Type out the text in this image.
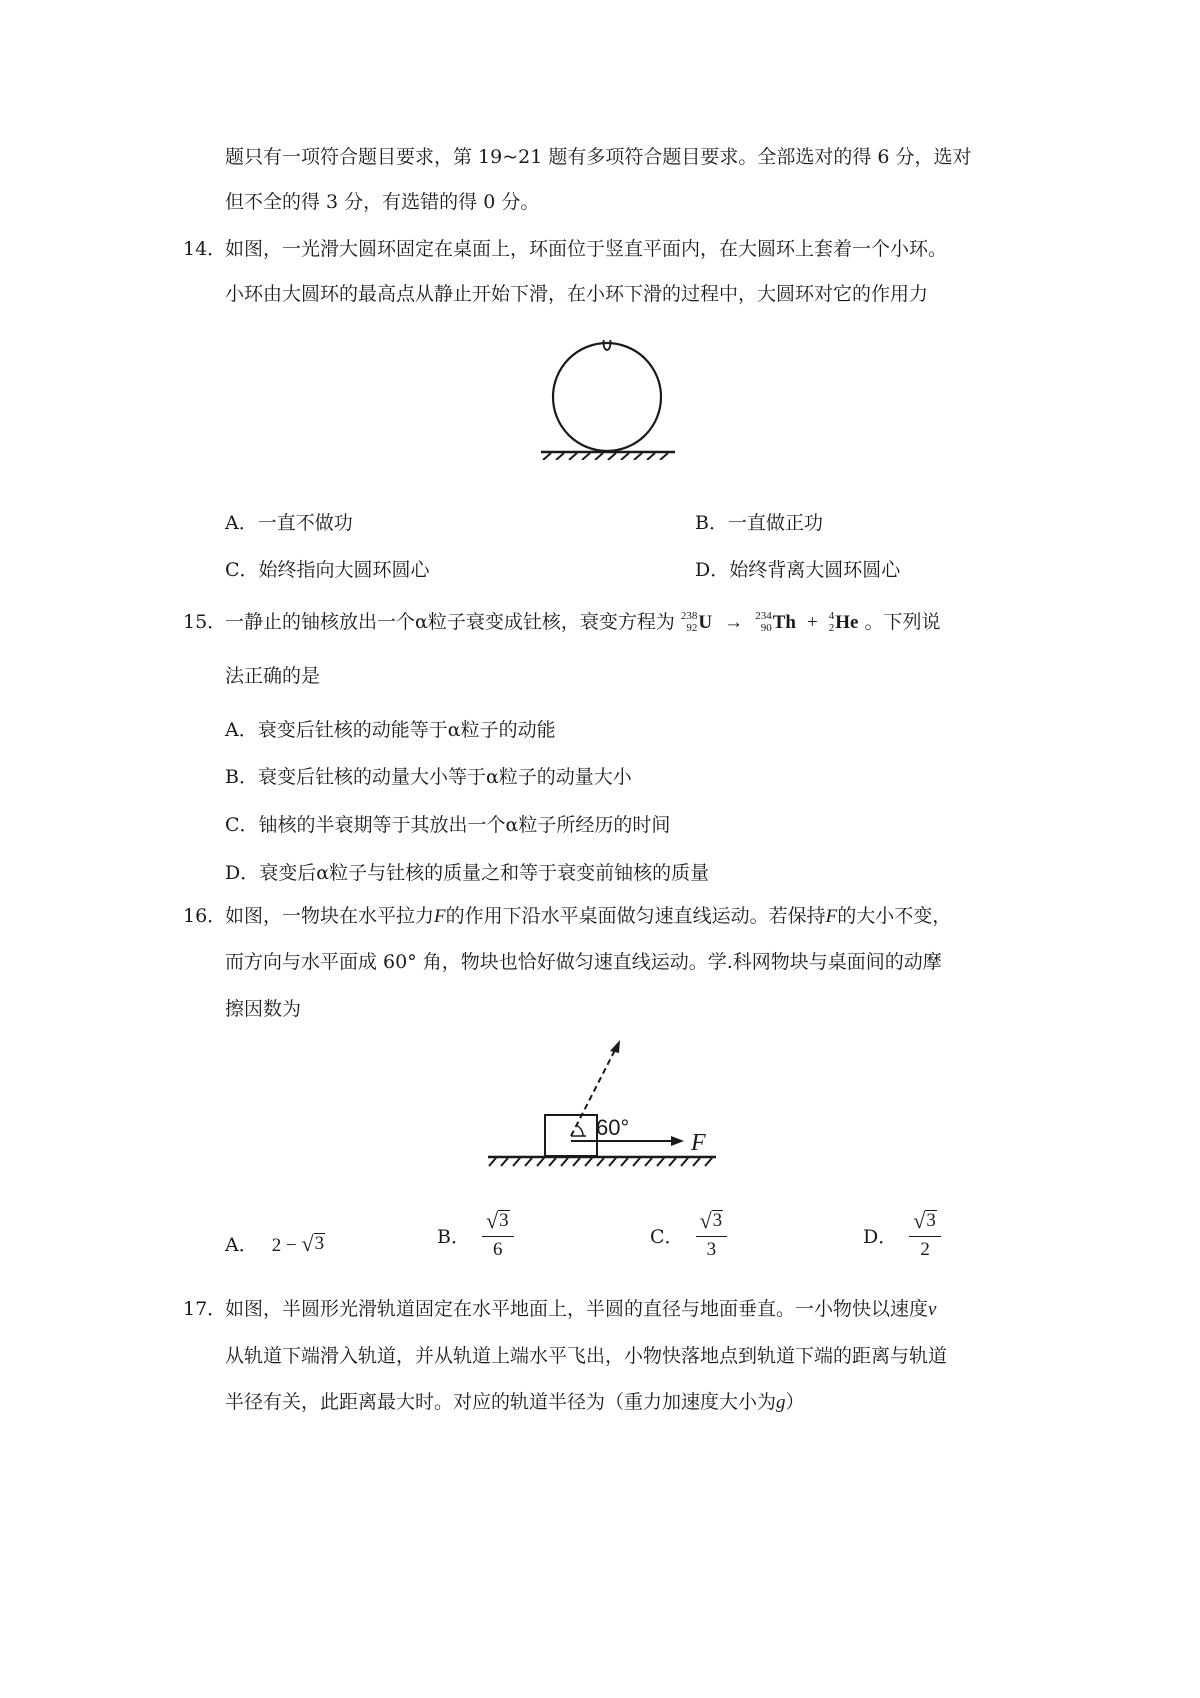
题只有一项符合题目要求，第 19~21 题有多项符合题目要求。全部选对的得 6 分，选对
但不全的得 3 分，有选错的得 0 分。
14．
如图，一光滑大圆环固定在桌面上，环面位于竖直平面内，在大圆环上套着一个小环。
小环由大圆环的最高点从静止开始下滑，在小环下滑的过程中，大圆环对它的作用力
A．一直不做功	B．一直做正功
C．始终指向大圆环圆心	D．始终背离大圆环圆心
15．
一静止的铀核放出一个α粒子衰变成钍核，衰变方程为 238
92 U → 234
90 Th + 4
2 He 。下列说
法正确的是
A．衰变后钍核的动能等于α粒子的动能
B．衰变后钍核的动量大小等于α粒子的动量大小
C．铀核的半衰期等于其放出一个α粒子所经历的时间
D．衰变后α粒子与钍核的质量之和等于衰变前铀核的质量
16．
如图，一物块在水平拉力F的作用下沿水平桌面做匀速直线运动。若保持F的大小不变，
而方向与水平面成 60° 角，物块也恰好做匀速直线运动。学.科网物块与桌面间的动摩
擦因数为
60°
F
A． 2 − √ 3	B． $\frac{√ 3}{6}$	C． $\frac{√ 3}{3}$	D． $\frac{√ 3}{2}$
17．
如图，半圆形光滑轨道固定在水平地面上，半圆的直径与地面垂直。一小物快以速度v
从轨道下端滑入轨道，并从轨道上端水平飞出，小物快落地点到轨道下端的距离与轨道
半径有关，此距离最大时。对应的轨道半径为（重力加速度大小为g）
